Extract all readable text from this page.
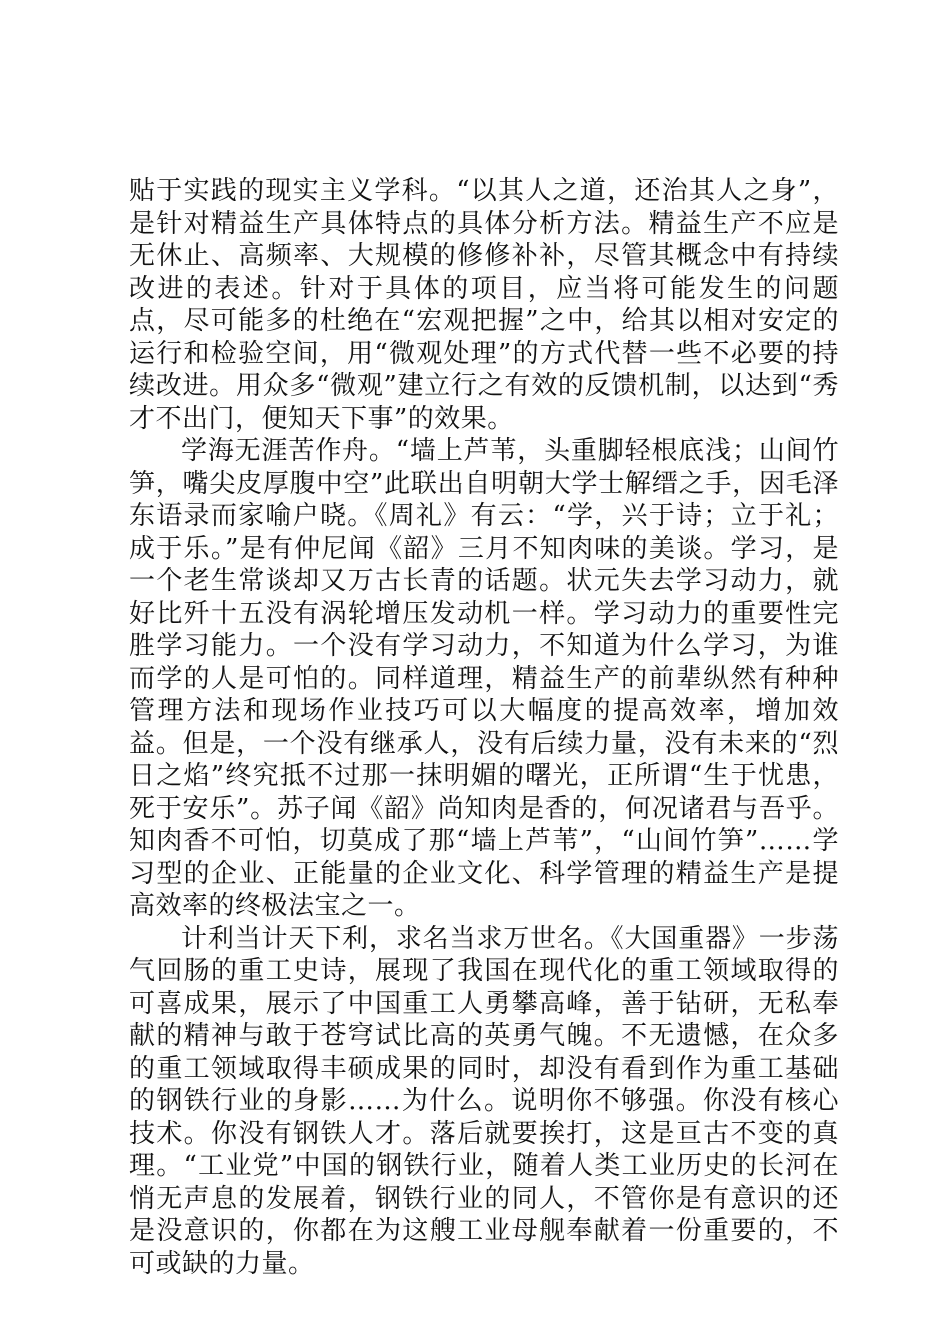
贴于实践的现实主义学科。“以其人之道，还治其人之身”，是针对精益生产具体特点的具体分析方法。精益生产不应是无休止、高频率、大规模的修修补补，尽管其概念中有持续改进的表述。针对于具体的项目，应当将可能发生的问题点，尽可能多的杜绝在“宏观把握”之中，给其以相对安定的运行和检验空间，用“微观处理”的方式代替一些不必要的持续改进。用众多“微观”建立行之有效的反馈机制，以达到“秀才不出门，便知天下事”的效果。

学海无涯苦作舟。“墙上芦苇，头重脚轻根底浅；山间竹笋，嘴尖皮厚腹中空”此联出自明朝大学士解缙之手，因毛泽东语录而家喻户晓。《周礼》有云：“学，兴于诗；立于礼；成于乐。”是有仲尼闻《韶》三月不知肉味的美谈。学习，是一个老生常谈却又万古长青的话题。状元失去学习动力，就好比歼十五没有涡轮增压发动机一样。学习动力的重要性完胜学习能力。一个没有学习动力，不知道为什么学习，为谁而学的人是可怕的。同样道理，精益生产的前辈纵然有种种管理方法和现场作业技巧可以大幅度的提高效率，增加效益。但是，一个没有继承人，没有后续力量，没有未来的“烈日之焰”终究抵不过那一抹明媚的曙光，正所谓“生于忧患，死于安乐”。苏子闻《韶》尚知肉是香的，何况诸君与吾乎。知肉香不可怕，切莫成了那“墙上芦苇”，“山间竹笋”……学习型的企业、正能量的企业文化、科学管理的精益生产是提高效率的终极法宝之一。

计利当计天下利，求名当求万世名。《大国重器》一步荡气回肠的重工史诗，展现了我国在现代化的重工领域取得的可喜成果，展示了中国重工人勇攀高峰，善于钻研，无私奉献的精神与敢于苍穹试比高的英勇气魄。不无遗憾，在众多的重工领域取得丰硕成果的同时，却没有看到作为重工基础的钢铁行业的身影……为什么。说明你不够强。你没有核心技术。你没有钢铁人才。落后就要挨打，这是亘古不变的真理。“工业党”中国的钢铁行业，随着人类工业历史的长河在悄无声息的发展着，钢铁行业的同人，不管你是有意识的还是没意识的，你都在为这艘工业母舰奉献着一份重要的，不可或缺的力量。
